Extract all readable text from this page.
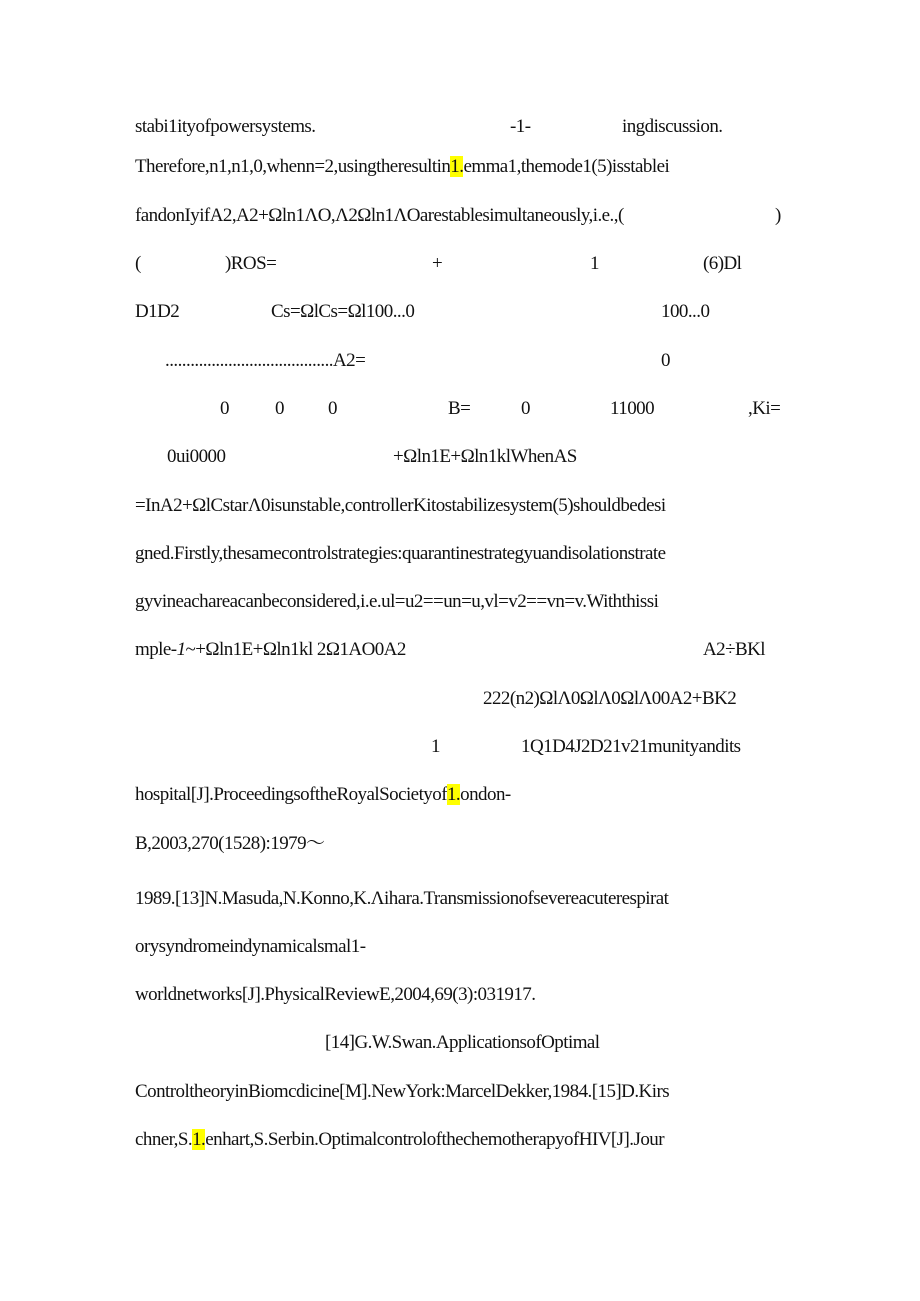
stabi1ityofpowersystems.	-1-	ingdiscussion.
Therefore,n1,n1,0,whenn=2,usingtheresultin1.emma1,themode1(5)isstablei
fandonIyifA2,A2+Ωln1ΛO,Λ2Ωln1ΛOarestablesimultaneously,i.e.,(	)
(	)ROS=	+	1	(6)Dl
D1D2	Cs=ΩlCs=Ωl100...0	100...0
........................................A2=	0
0 0 0	B=	0	11000	,Ki=
0ui0000	+Ωln1E+Ωln1klWhenAS
=InA2+ΩlCstarΛ0isunstable,controllerKitostabilizesystem(5)shouldbedesi
gned.Firstly,thesamecontrolstrategies:quarantinestrategyuandisolationstrate
gyvineachareacanbeconsidered,i.e.ul=u2==un=u,vl=v2==vn=v.Withthissi
mple-1~+Ωln1E+Ωln1kl 2Ω1AO0A2	A2÷BKl
222(n2)ΩlΛ0ΩlΛ0ΩlΛ00A2+BK2
1	1Q1D4J2D21v21munityandits
hospital[J].ProceedingsoftheRoyalSocietyof1.ondon-
B,2003,270(1528):1979～
1989.[13]N.Masuda,N.Konno,K.Λihara.Transmissionofsevereacuterespirat
orysyndromeindynamicalsmal1-
worldnetworks[J].PhysicalReviewE,2004,69(3):031917.
[14]G.W.Swan.ApplicationsofOptimal
ControltheoryinBiomcdicine[M].NewYork:MarcelDekker,1984.[15]D.Kirs
chner,S.1.enhart,S.Serbin.OptimalcontrolofthechemotherapyofHIV[J].Jour
